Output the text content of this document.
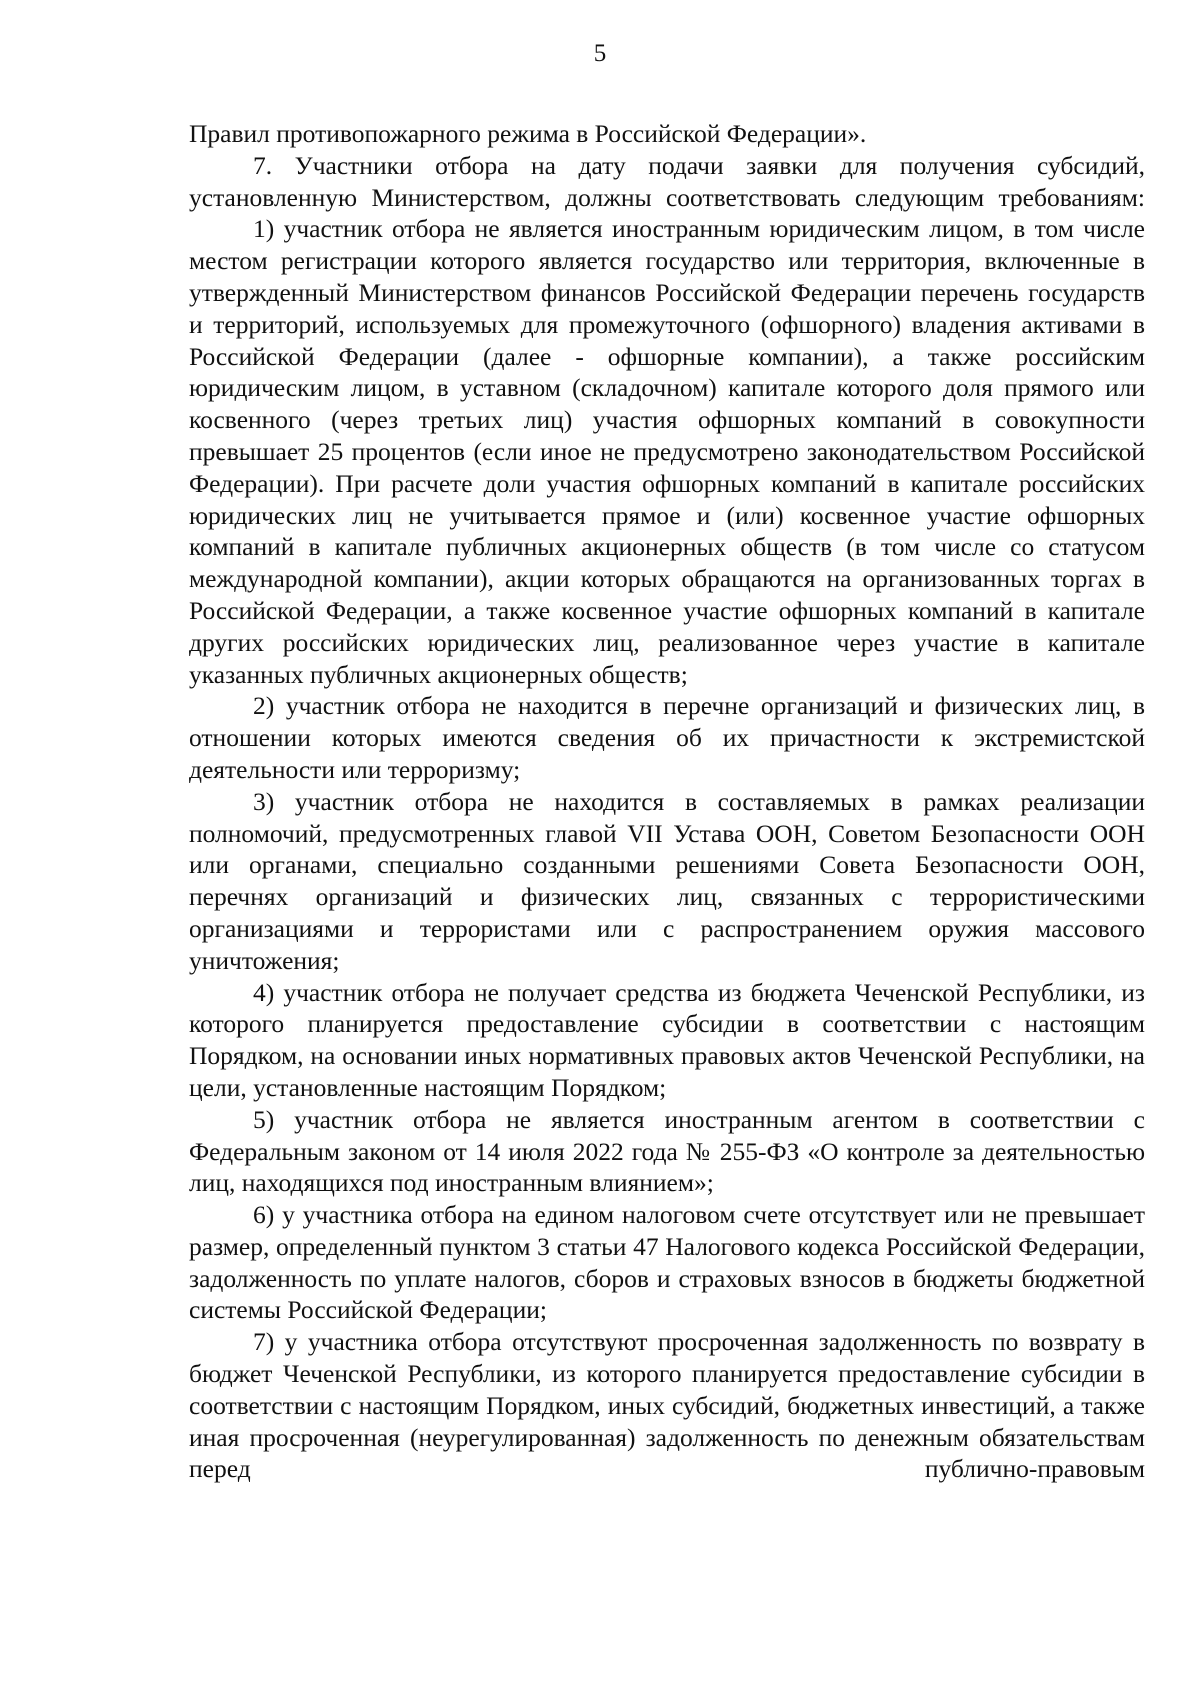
5

Правил противопожарного режима в Российской Федерации».

7. Участники отбора на дату подачи заявки для получения субсидий, установленную Министерством, должны соответствовать следующим требованиям:

1) участник отбора не является иностранным юридическим лицом, в том числе местом регистрации которого является государство или территория, включенные в утвержденный Министерством финансов Российской Федерации перечень государств и территорий, используемых для промежуточного (офшорного) владения активами в Российской Федерации (далее - офшорные компании), а также российским юридическим лицом, в уставном (складочном) капитале которого доля прямого или косвенного (через третьих лиц) участия офшорных компаний в совокупности превышает 25 процентов (если иное не предусмотрено законодательством Российской Федерации). При расчете доли участия офшорных компаний в капитале российских юридических лиц не учитывается прямое и (или) косвенное участие офшорных компаний в капитале публичных акционерных обществ (в том числе со статусом международной компании), акции которых обращаются на организованных торгах в Российской Федерации, а также косвенное участие офшорных компаний в капитале других российских юридических лиц, реализованное через участие в капитале указанных публичных акционерных обществ;

2) участник отбора не находится в перечне организаций и физических лиц, в отношении которых имеются сведения об их причастности к экстремистской деятельности или терроризму;

3) участник отбора не находится в составляемых в рамках реализации полномочий, предусмотренных главой VII Устава ООН, Советом Безопасности ООН или органами, специально созданными решениями Совета Безопасности ООН, перечнях организаций и физических лиц, связанных с террористическими организациями и террористами или с распространением оружия массового уничтожения;

4) участник отбора не получает средства из бюджета Чеченской Республики, из которого планируется предоставление субсидии в соответствии с настоящим Порядком, на основании иных нормативных правовых актов Чеченской Республики, на цели, установленные настоящим Порядком;

5) участник отбора не является иностранным агентом в соответствии с Федеральным законом от 14 июля 2022 года № 255-ФЗ «О контроле за деятельностью лиц, находящихся под иностранным влиянием»;

6) у участника отбора на едином налоговом счете отсутствует или не превышает размер, определенный пунктом 3 статьи 47 Налогового кодекса Российской Федерации, задолженность по уплате налогов, сборов и страховых взносов в бюджеты бюджетной системы Российской Федерации;

7) у участника отбора отсутствуют просроченная задолженность по возврату в бюджет Чеченской Республики, из которого планируется предоставление субсидии в соответствии с настоящим Порядком, иных субсидий, бюджетных инвестиций, а также иная просроченная (неурегулированная) задолженность по денежным обязательствам перед публично-правовым
